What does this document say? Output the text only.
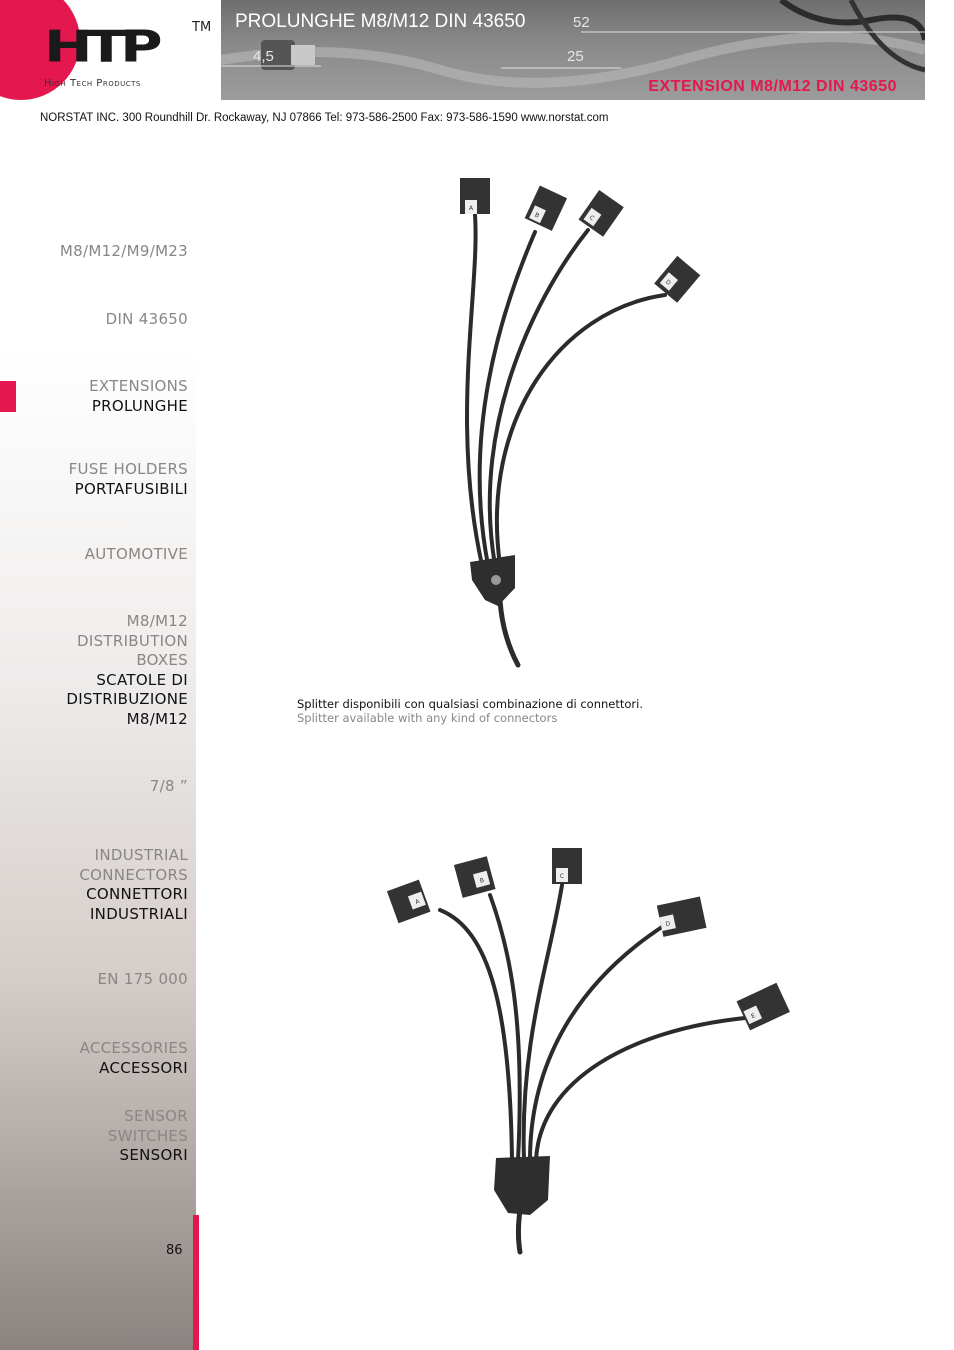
HTP	TM
High Tech Products
52
4,5	25
PROLUNGHE M8/M12 DIN 43650
EXTENSION M8/M12 DIN 43650
NORSTAT INC. 300 Roundhill Dr. Rockaway, NJ 07866 Tel: 973-586-2500 Fax: 973-586-1590 www.norstat.com
M8/M12/M9/M23
DIN 43650
EXTENSIONS
PROLUNGHE
FUSE HOLDERS
PORTAFUSIBILI
AUTOMOTIVE
M8/M12
DISTRIBUTION
BOXES
SCATOLE DI
DISTRIBUZIONE
M8/M12
7/8 ”
INDUSTRIAL
CONNECTORS
CONNETTORI
INDUSTRIALI
EN 175 000
ACCESSORIES
ACCESSORI
SENSOR
SWITCHES
SENSORI
86
A
B	C
D
Splitter disponibili con qualsiasi combinazione di connettori.
Splitter available with any kind of connectors
A
B
C
D
E
